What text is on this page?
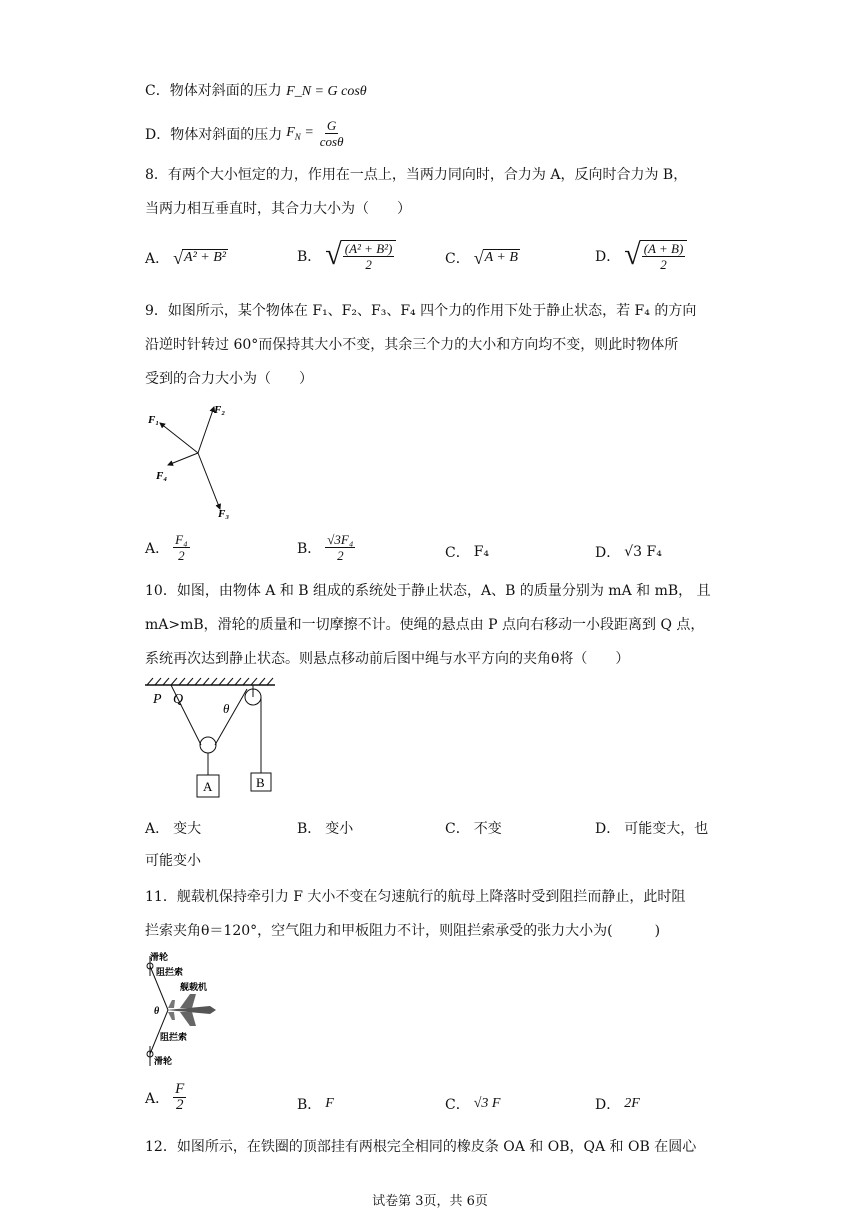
C．物体对斜面的压力 F_N = G cosθ
D．物体对斜面的压力 $F_N = \frac{G}{\cos\theta}$
8．有两个大小恒定的力，作用在一点上，当两力同向时，合力为 A，反向时合力为 B，
当两力相互垂直时，其合力大小为（　　）
A． √ A² + B²	B． √ $\frac{\text{(A² + B²)}}{2}$	C． √ A + B	D． √ $\frac{(A + B)}{2}$
9．如图所示，某个物体在 F₁、F₂、F₃、F₄ 四个力的作用下处于静止状态，若 F₄ 的方向
沿逆时针转过 60°而保持其大小不变，其余三个力的大小和方向均不变，则此时物体所
受到的合力大小为（　　）
F₁
F₂
F₃
F₄
A． $\frac{\text{F₄}}{2}$	B． $\frac{\text{√3F₄}}{2}$	C． F₄	D． √3 F₄
10．如图，由物体 A 和 B 组成的系统处于静止状态，A、B 的质量分别为 mA 和 mB， 且
mA>mB，滑轮的质量和一切摩擦不计。使绳的悬点由 P 点向右移动一小段距离到 Q 点，
系统再次达到静止状态。则悬点移动前后图中绳与水平方向的夹角θ将（　　）
P Q
θ
A	B
A． 变大	B． 变小	C． 不变	D． 可能变大，也
可能变小
11．舰载机保持牵引力 F 大小不变在匀速航行的航母上降落时受到阻拦而静止，此时阻
拦索夹角θ＝120°，空气阻力和甲板阻力不计，则阻拦索承受的张力大小为(　　　)
滑轮
阻拦索
舰载机
θ
阻拦索
滑轮
A． $\frac{F}{2}$	B． F	C． √3 F	D． 2F
12．如图所示，在铁圈的顶部挂有两根完全相同的橡皮条 OA 和 OB，QA 和 OB 在圆心
试卷第 3页，共 6页
